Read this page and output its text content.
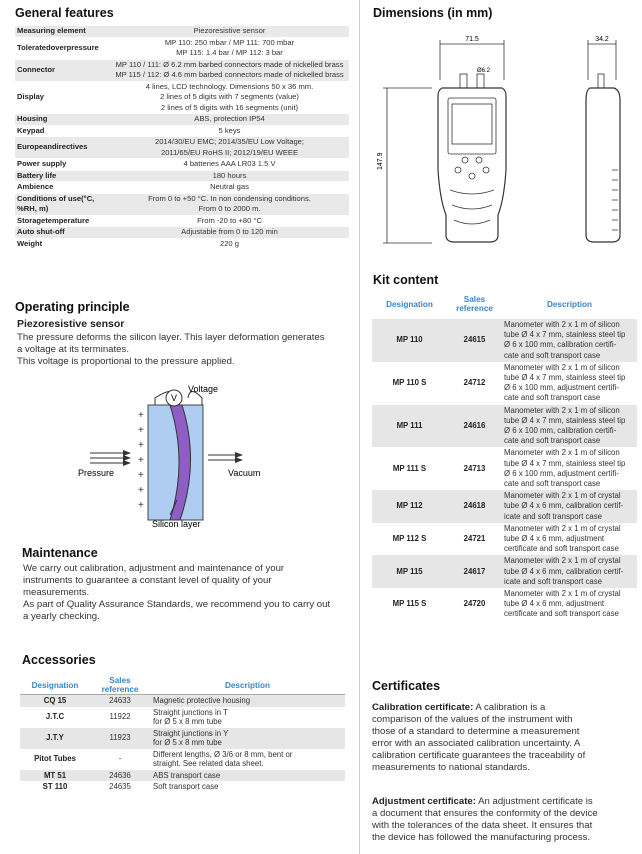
General features
Measuring element	Piezoresistive sensor

Toleratedoverpressure	MP 110: 250 mbar / MP 111: 700 mbar
MP 115: 1.4 bar / MP 112: 3 bar

Connector	MP 110 / 111: Ø 6.2 mm barbed connectors made of nickelled brass
MP 115 / 112: Ø 4.6 mm barbed connectors made of nickelled brass

Display	4 lines, LCD technology. Dimensions 50 x 36 mm.
2 lines of 5 digits with 7 segments (value)
2 lines of 5 digits with 16 segments (unit)

Housing	ABS, protection IP54

Keypad	5 keys

Europeandirectives	2014/30/EU EMC; 2014/35/EU Low Voltage;
2011/65/EU RoHS II; 2012/19/EU WEEE

Power supply	4 batteries AAA LR03 1.5 V

Battery life	180 hours

Ambience	Neutral gas

Conditions of use(°C, %RH, m)	From 0 to +50 °C. In non condensing conditions.
From 0 to 2000 m.

Storagetemperature	From -20 to +80 °C

Auto shut-off	Adjustable from 0 to 120 min

Weight	220 g
Operating principle
Piezoresistive sensor
The pressure deforms the silicon layer. This layer deformation generates
a voltage at its terminates.
This voltage is proportional to the pressure applied.
V
Voltage
+
+
+
+
+
+
+
Pressure	Vacuum
Silicon layer
Maintenance
We carry out calibration, adjustment and maintenance of your
instruments to guarantee a constant level of quality of your
measurements.
As part of Quality Assurance Standards, we recommend you to carry out
a yearly checking.
Accessories
Designation	Sales
reference	Description
CQ 15	24633	Magnetic protective housing

J.T.C	11922	Straight junctions in T
for Ø 5 x 8 mm tube

J.T.Y	11923	Straight junctions in Y
for Ø 5 x 8 mm tube

Pitot Tubes	-	Different lengths, Ø 3/6 or 8 mm, bent or
straight. See related data sheet.

MT 51	24636	ABS transport case

ST 110	24635	Soft transport case
Dimensions (in mm)
71.5	34.2
Ø6.2
147.9
Kit content
Designation	Sales
reference	Description
MP 110	24615	Manometer with 2 x 1 m of silicon
tube Ø 4 x 7 mm, stainless steel tip
Ø 6 x 100 mm, calibration certifi-
cate and soft transport case

MP 110 S	24712	Manometer with 2 x 1 m of silicon
tube Ø 4 x 7 mm, stainless steel tip
Ø 6 x 100 mm, adjustment certifi-
cate and soft transport case

MP 111	24616	Manometer with 2 x 1 m of silicon
tube Ø 4 x 7 mm, stainless steel tip
Ø 6 x 100 mm, calibration certifi-
cate and soft transport case

MP 111 S	24713	Manometer with 2 x 1 m of silicon
tube Ø 4 x 7 mm, stainless steel tip
Ø 6 x 100 mm, adjustment certifi-
cate and soft transport case

MP 112	24618	Manometer with 2 x 1 m of crystal
tube Ø 4 x 6 mm, calibration certif-
icate and soft transport case

MP 112 S	24721	Manometer with 2 x 1 m of crystal
tube Ø 4 x 6 mm, adjustment
certificate and soft transport case

MP 115	24617	Manometer with 2 x 1 m of crystal
tube Ø 4 x 6 mm, calibration certif-
icate and soft transport case

MP 115 S	24720	Manometer with 2 x 1 m of crystal
tube Ø 4 x 6 mm, adjustment
certificate and soft transport case
Certificates
Calibration certificate: A calibration is a
comparison of the values of the instrument with
those of a standard to determine a measurement
error with an associated calibration uncertainty. A
calibration certificate guarantees the traceability of
measurements to national standards.
Adjustment certificate: An adjustment certificate is
a document that ensures the conformity of the device
with the tolerances of the data sheet. It ensures that
the device has followed the manufacturing process.
